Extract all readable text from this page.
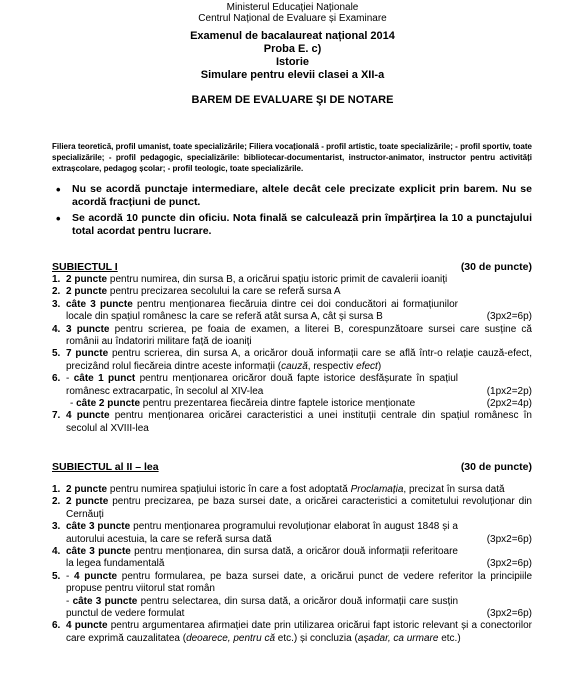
Ministerul Educației Naționale
Centrul Național de Evaluare și Examinare
Examenul de bacalaureat național 2014
Proba E. c)
Istorie
Simulare pentru elevii clasei a XII-a
BAREM DE EVALUARE ŞI DE NOTARE
Filiera teoretică, profil umanist, toate specializările; Filiera vocațională - profil artistic, toate specializările; - profil sportiv, toate specializările; - profil pedagogic, specializările: bibliotecar-documentarist, instructor-animator, instructor pentru activități extrașcolare, pedagog școlar; - profil teologic, toate specializările.
• Nu se acordă punctaje intermediare, altele decât cele precizate explicit prin barem. Nu se acordă fracțiuni de punct.
• Se acordă 10 puncte din oficiu. Nota finală se calculează prin împărțirea la 10 a punctajului total acordat pentru lucrare.
SUBIECTUL I	(30 de puncte)
1. 2 puncte pentru numirea, din sursa B, a oricărui spațiu istoric primit de cavalerii ioaniți
2. 2 puncte pentru precizarea secolului la care se referă sursa A
3. câte 3 puncte pentru menționarea fiecăruia dintre cei doi conducători ai formațiunilor locale din spațiul românesc la care se referă atât sursa A, cât și sursa B	(3px2=6p)
4. 3 puncte pentru scrierea, pe foaia de examen, a literei B, corespunzătoare sursei care susține că românii au îndatoriri militare față de ioaniți
5. 7 puncte pentru scrierea, din sursa A, a oricăror două informații care se află într-o relație cauză-efect, precizând rolul fiecăreia dintre aceste informații (cauză, respectiv efect)
6. - câte 1 punct pentru menționarea oricăror două fapte istorice desfășurate în spațiul românesc extracarpatic, în secolul al XIV-lea	(1px2=2p)
- câte 2 puncte pentru prezentarea fiecăreia dintre faptele istorice menționate	(2px2=4p)
7. 4 puncte pentru menționarea oricărei caracteristici a unei instituții centrale din spațiul românesc în secolul al XVIII-lea
SUBIECTUL al II – lea	(30 de puncte)
1. 2 puncte pentru numirea spațiului istoric în care a fost adoptată Proclamația, precizat în sursa dată
2. 2 puncte pentru precizarea, pe baza sursei date, a oricărei caracteristici a comitetului revoluționar din Cernăuți
3. câte 3 puncte pentru menționarea programului revoluționar elaborat în august 1848 și a autorului acestuia, la care se referă sursa dată	(3px2=6p)
4. câte 3 puncte pentru menționarea, din sursa dată, a oricăror două informații referitoare la legea fundamentală	(3px2=6p)
5. - 4 puncte pentru formularea, pe baza sursei date, a oricărui punct de vedere referitor la principiile propuse pentru viitorul stat român
- câte 3 puncte pentru selectarea, din sursa dată, a oricăror două informații care susțin punctul de vedere formulat	(3px2=6p)
6. 4 puncte pentru argumentarea afirmației date prin utilizarea oricărui fapt istoric relevant și a conectorilor care exprimă cauzalitatea (deoarece, pentru că etc.) și concluzia (așadar, ca urmare etc.)
